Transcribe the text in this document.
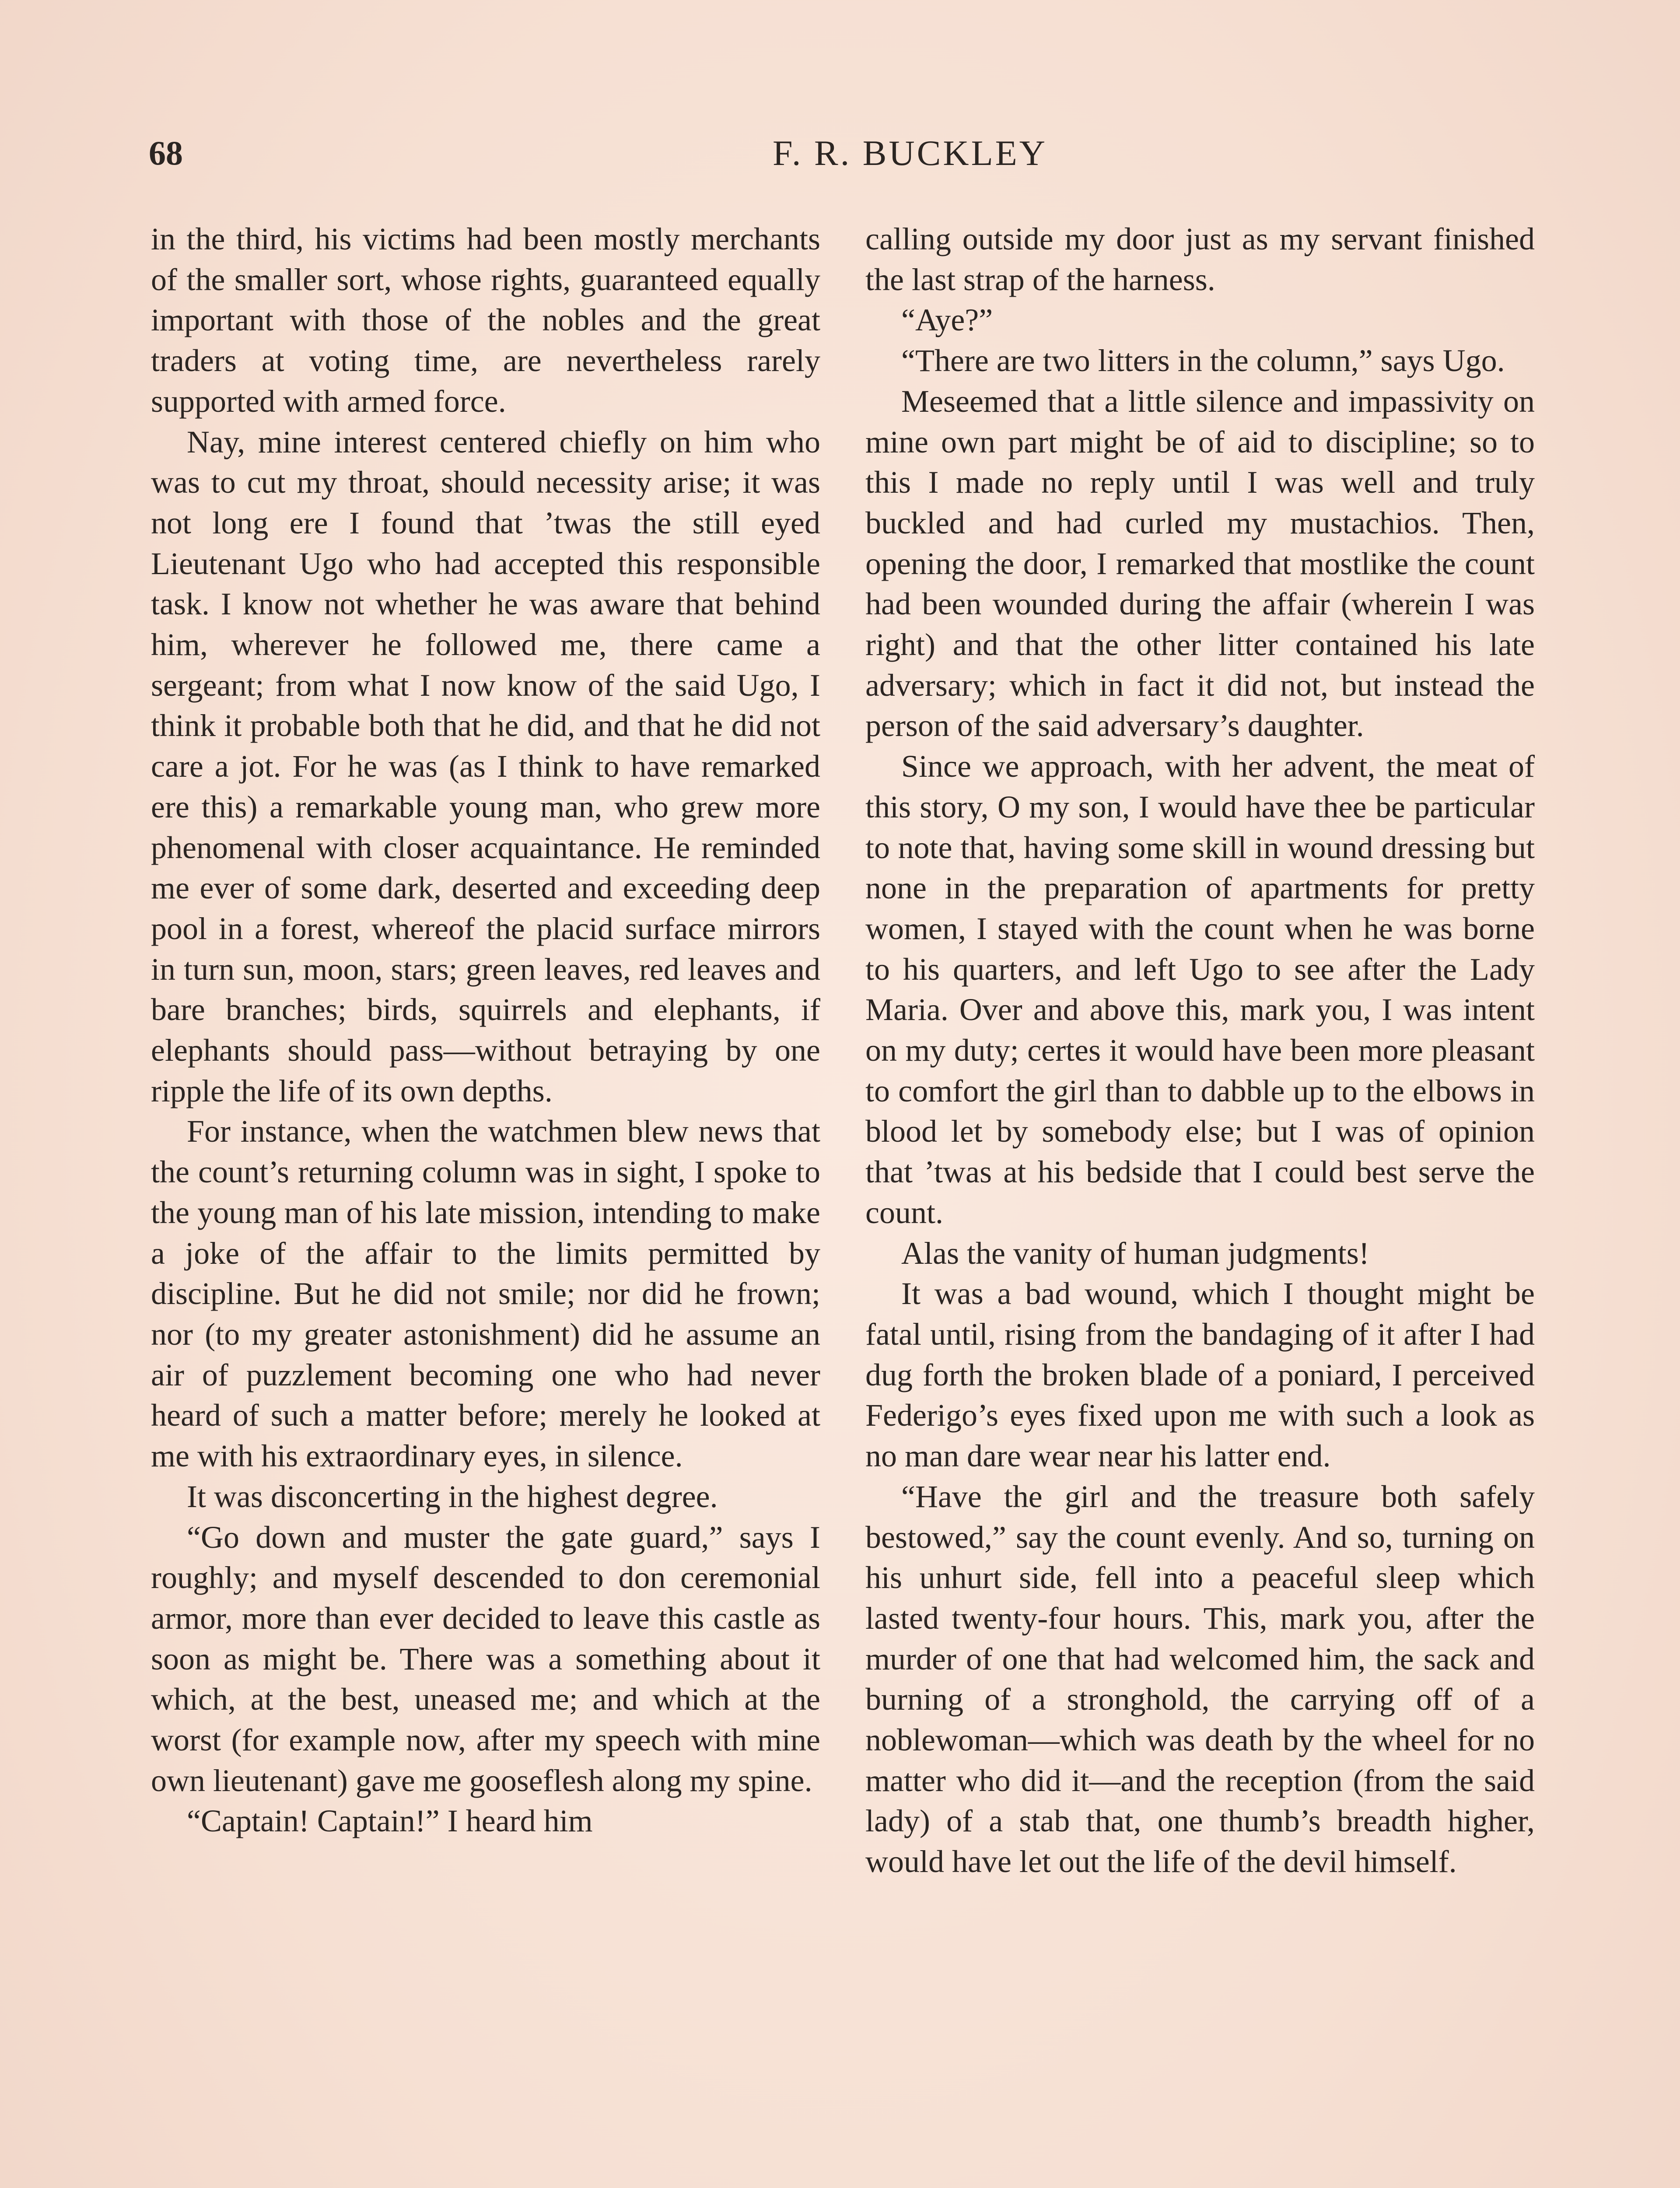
68	F. R. BUCKLEY

in the third, his victims had been mostly merchants of the smaller sort, whose rights, guaranteed equally important with those of the nobles and the great traders at voting time, are nevertheless rarely supported with armed force.

Nay, mine interest centered chiefly on him who was to cut my throat, should necessity arise; it was not long ere I found that ’twas the still eyed Lieutenant Ugo who had accepted this responsible task. I know not whether he was aware that behind him, wherever he followed me, there came a sergeant; from what I now know of the said Ugo, I think it probable both that he did, and that he did not care a jot. For he was (as I think to have remarked ere this) a remarkable young man, who grew more phenomenal with closer acquaintance. He reminded me ever of some dark, deserted and exceeding deep pool in a forest, whereof the placid surface mirrors in turn sun, moon, stars; green leaves, red leaves and bare branches; birds, squirrels and elephants, if elephants should pass—without betraying by one ripple the life of its own depths.

For instance, when the watchmen blew news that the count’s returning column was in sight, I spoke to the young man of his late mission, intending to make a joke of the affair to the limits permitted by discipline. But he did not smile; nor did he frown; nor (to my greater astonishment) did he assume an air of puzzlement becoming one who had never heard of such a matter before; merely he looked at me with his extraordinary eyes, in silence.

It was disconcerting in the highest degree.

“Go down and muster the gate guard,” says I roughly; and myself descended to don ceremonial armor, more than ever decided to leave this castle as soon as might be. There was a something about it which, at the best, uneased me; and which at the worst (for example now, after my speech with mine own lieutenant) gave me gooseflesh along my spine.

“Captain! Captain!” I heard him

calling outside my door just as my servant finished the last strap of the harness.

“Aye?”

“There are two litters in the column,” says Ugo.

Meseemed that a little silence and impassivity on mine own part might be of aid to discipline; so to this I made no reply until I was well and truly buckled and had curled my mustachios. Then, opening the door, I remarked that mostlike the count had been wounded during the affair (wherein I was right) and that the other litter contained his late adversary; which in fact it did not, but instead the person of the said adversary’s daughter.

Since we approach, with her advent, the meat of this story, O my son, I would have thee be particular to note that, having some skill in wound dressing but none in the preparation of apartments for pretty women, I stayed with the count when he was borne to his quarters, and left Ugo to see after the Lady Maria. Over and above this, mark you, I was intent on my duty; certes it would have been more pleasant to comfort the girl than to dabble up to the elbows in blood let by somebody else; but I was of opinion that ’twas at his bedside that I could best serve the count.

Alas the vanity of human judgments!

It was a bad wound, which I thought might be fatal until, rising from the bandaging of it after I had dug forth the broken blade of a poniard, I perceived Federigo’s eyes fixed upon me with such a look as no man dare wear near his latter end.

“Have the girl and the treasure both safely bestowed,” say the count evenly. And so, turning on his unhurt side, fell into a peaceful sleep which lasted twenty-four hours. This, mark you, after the murder of one that had welcomed him, the sack and burning of a stronghold, the carrying off of a noblewoman—which was death by the wheel for no matter who did it—and the reception (from the said lady) of a stab that, one thumb’s breadth higher, would have let out the life of the devil himself.
